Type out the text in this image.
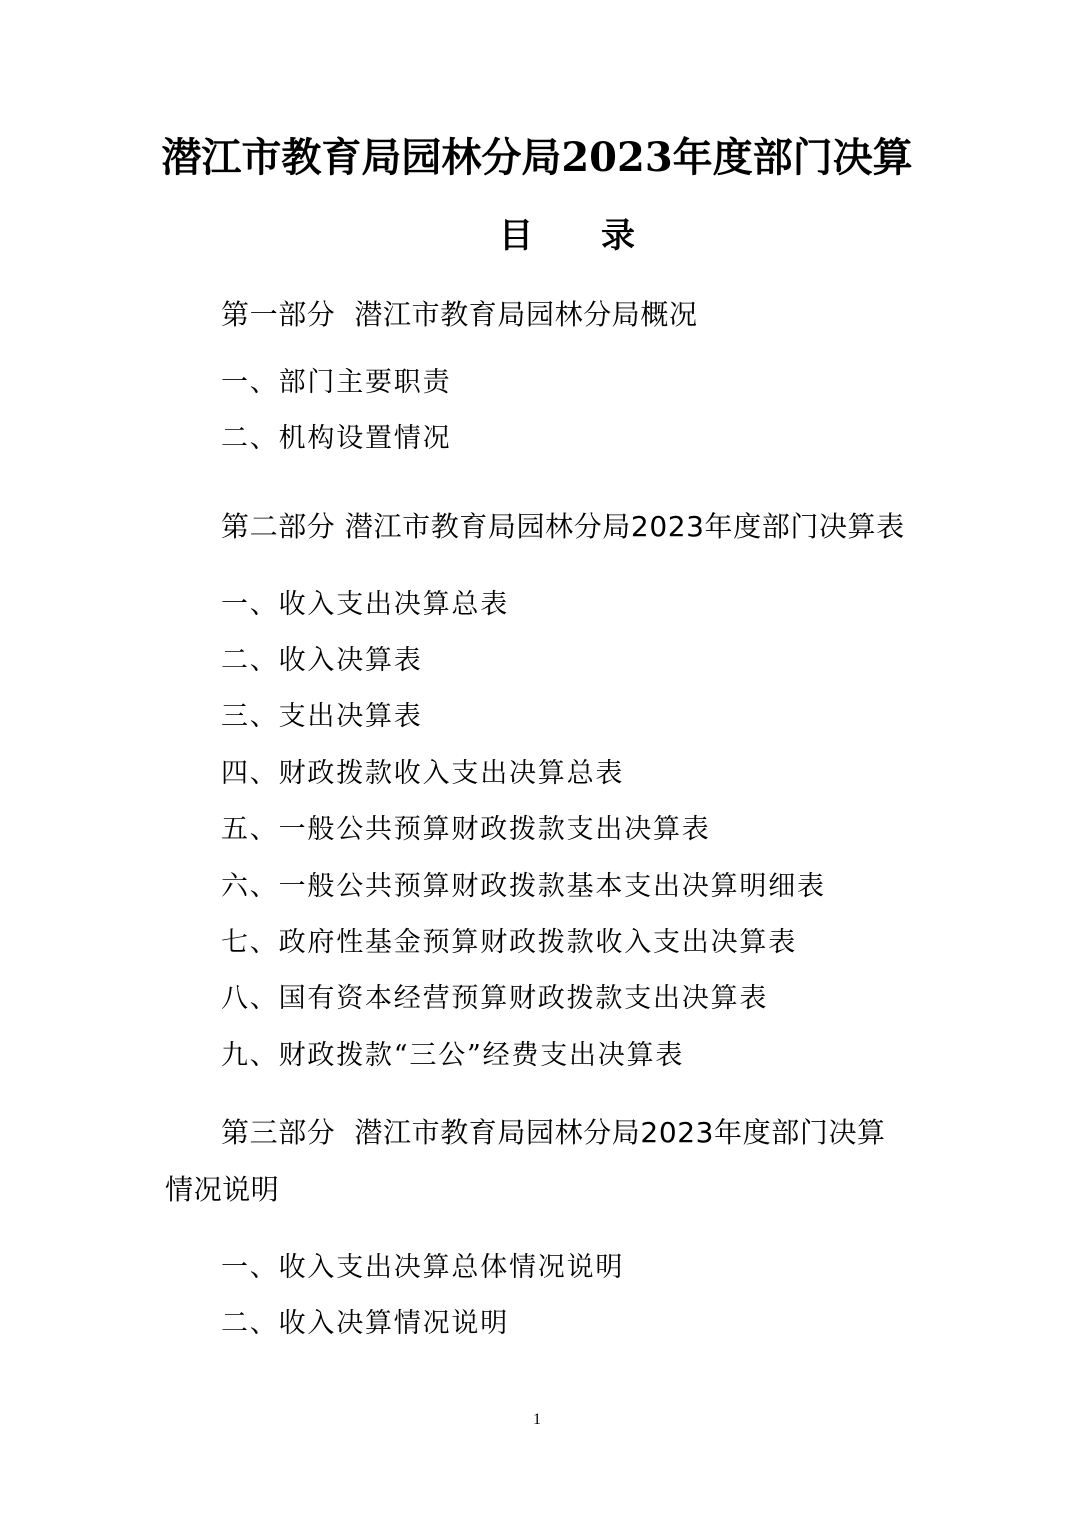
潜江市教育局园林分局2023年度部门决算
目　　录
第一部分  潜江市教育局园林分局概况
一、部门主要职责
二、机构设置情况
第二部分 潜江市教育局园林分局2023年度部门决算表
一、收入支出决算总表
二、收入决算表
三、支出决算表
四、财政拨款收入支出决算总表
五、一般公共预算财政拨款支出决算表
六、一般公共预算财政拨款基本支出决算明细表
七、政府性基金预算财政拨款收入支出决算表
八、国有资本经营预算财政拨款支出决算表
九、财政拨款“三公”经费支出决算表
第三部分  潜江市教育局园林分局2023年度部门决算
情况说明
一、收入支出决算总体情况说明
二、收入决算情况说明
1
